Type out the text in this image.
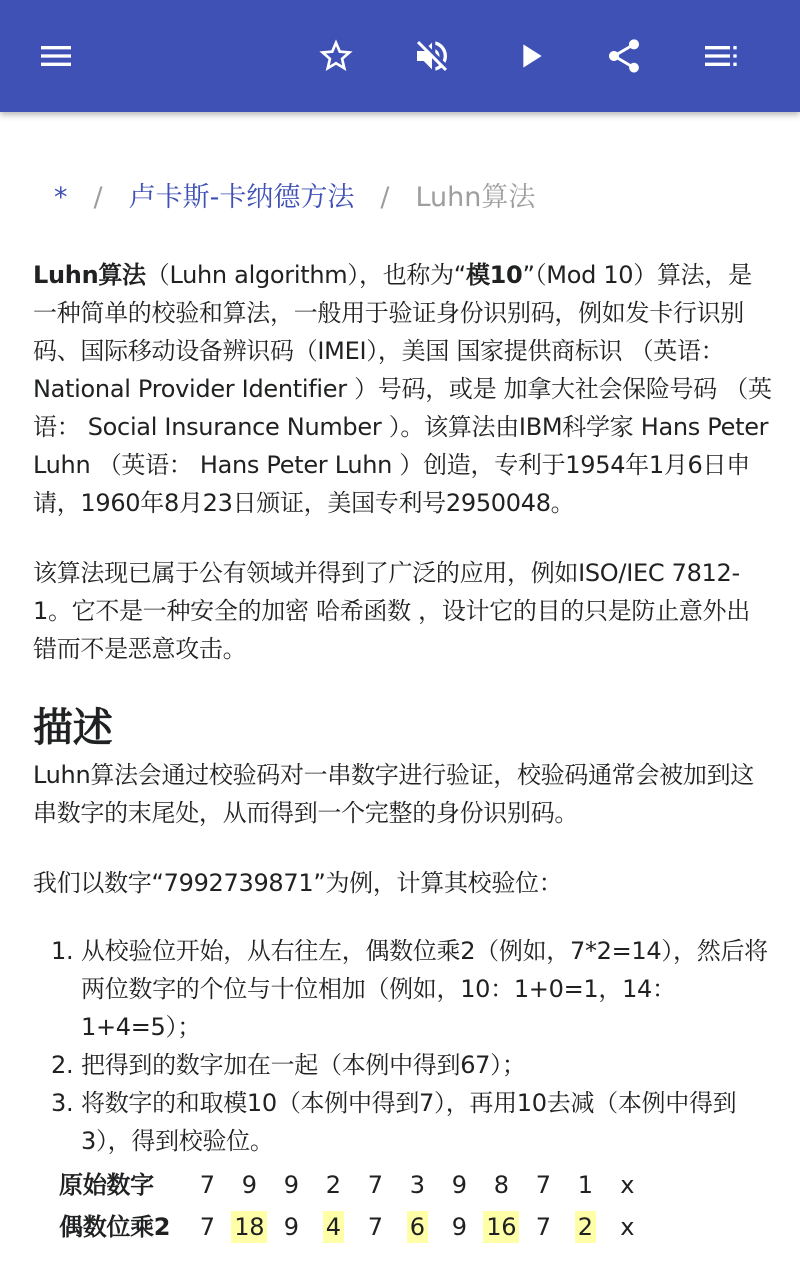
* / 卢卡斯-卡纳德方法 / Luhn算法

Luhn算法（Luhn algorithm），也称为“模10”（Mod 10）算法，是一种简单的校验和算法，一般用于验证身份识别码，例如发卡行识别码、国际移动设备辨识码（IMEI），美国 国家提供商标识 （英语： National Provider Identifier ）号码，或是 加拿大社会保险号码 （英语： Social Insurance Number ）。该算法由IBM科学家 Hans Peter Luhn （英语： Hans Peter Luhn ）创造，专利于1954年1月6日申请，1960年8月23日颁证，美国专利号2950048。

该算法现已属于公有领域并得到了广泛的应用，例如ISO/IEC 7812-1。它不是一种安全的加密 哈希函数 ，设计它的目的只是防止意外出错而不是恶意攻击。

描述

Luhn算法会通过校验码对一串数字进行验证，校验码通常会被加到这串数字的末尾处，从而得到一个完整的身份识别码。

我们以数字“7992739871”为例，计算其校验位：

1. 从校验位开始，从右往左，偶数位乘2（例如，7*2=14），然后将两位数字的个位与十位相加（例如，10：1+0=1，14：1+4=5）；
2. 把得到的数字加在一起（本例中得到67）；
3. 将数字的和取模10（本例中得到7），再用10去减（本例中得到3），得到校验位。
原始数字	7	9	9	2	7	3	9	8	7	1	x
偶数位乘2	7	18	9	4	7	6	9	16	7	2	x
